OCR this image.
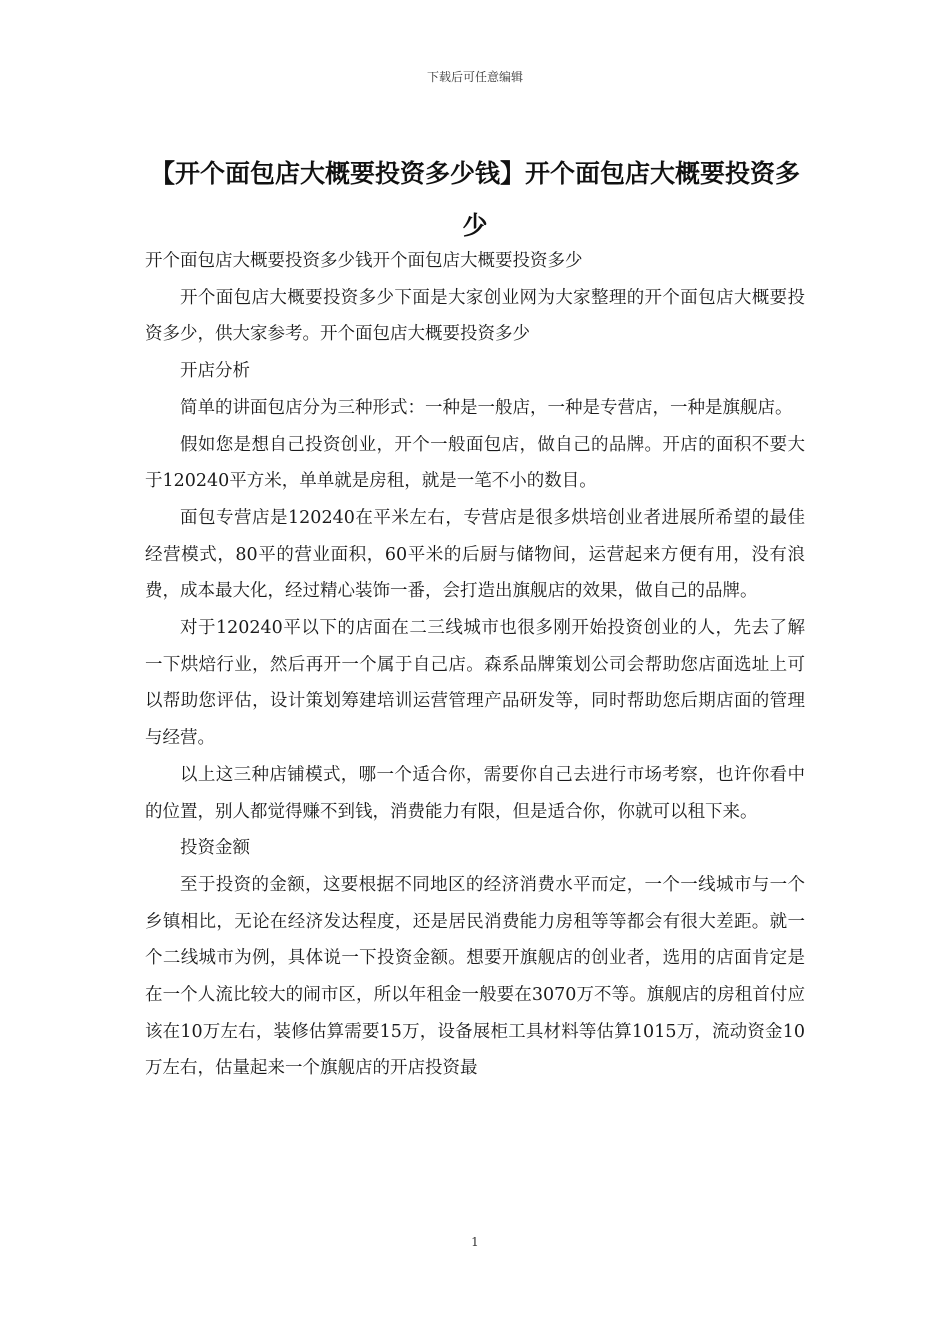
下载后可任意编辑
【开个面包店大概要投资多少钱】开个面包店大概要投资多少

开个面包店大概要投资多少钱开个面包店大概要投资多少

开个面包店大概要投资多少下面是大家创业网为大家整理的开个面包店大概要投资多少，供大家参考。开个面包店大概要投资多少

开店分析

简单的讲面包店分为三种形式：一种是一般店，一种是专营店，一种是旗舰店。

假如您是想自己投资创业，开个一般面包店，做自己的品牌。开店的面积不要大于120240平方米，单单就是房租，就是一笔不小的数目。

面包专营店是120240在平米左右，专营店是很多烘培创业者进展所希望的最佳经营模式，80平的营业面积，60平米的后厨与储物间，运营起来方便有用，没有浪费，成本最大化，经过精心装饰一番，会打造出旗舰店的效果，做自己的品牌。

对于120240平以下的店面在二三线城市也很多刚开始投资创业的人，先去了解一下烘焙行业，然后再开一个属于自己店。森系品牌策划公司会帮助您店面选址上可以帮助您评估，设计策划筹建培训运营管理产品研发等，同时帮助您后期店面的管理与经营。

以上这三种店铺模式，哪一个适合你，需要你自己去进行市场考察，也许你看中的位置，别人都觉得赚不到钱，消费能力有限，但是适合你，你就可以租下来。

投资金额

至于投资的金额，这要根据不同地区的经济消费水平而定，一个一线城市与一个乡镇相比，无论在经济发达程度，还是居民消费能力房租等等都会有很大差距。就一个二线城市为例，具体说一下投资金额。想要开旗舰店的创业者，选用的店面肯定是在一个人流比较大的闹市区，所以年租金一般要在3070万不等。旗舰店的房租首付应该在10万左右，装修估算需要15万，设备展柜工具材料等估算1015万，流动资金10万左右，估量起来一个旗舰店的开店投资最

1
